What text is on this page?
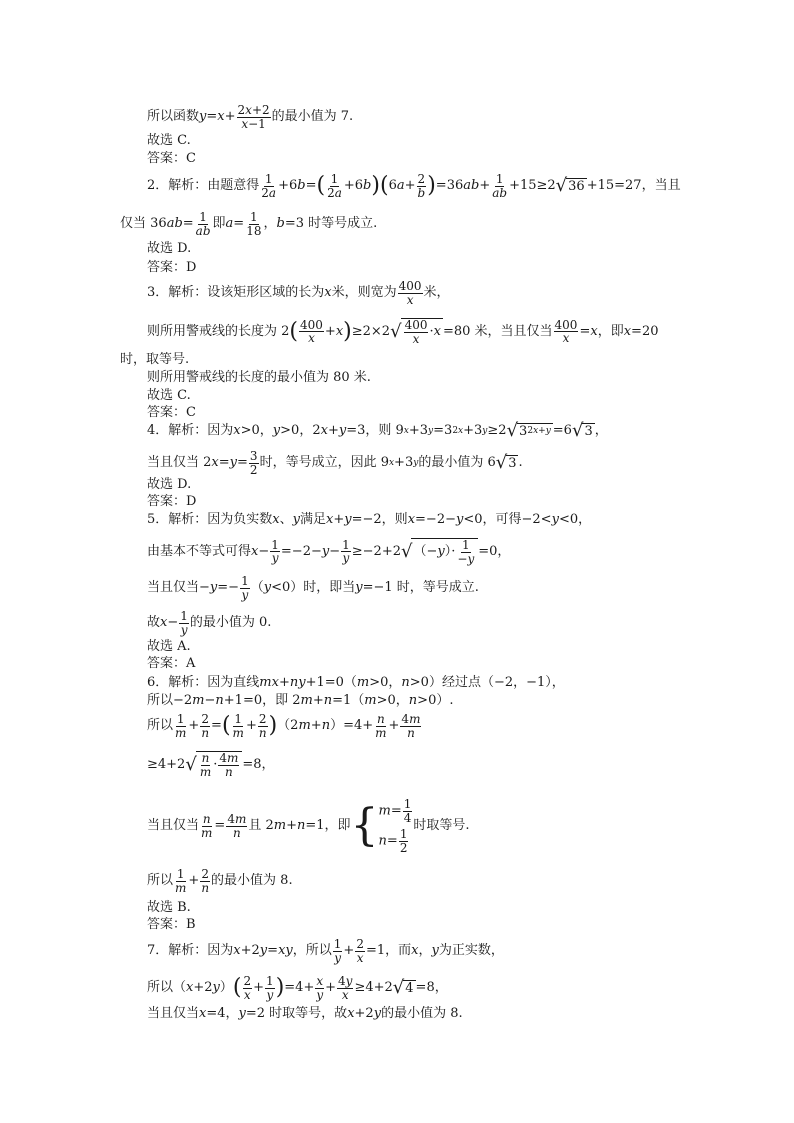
所以函数 $y = x + \frac{2x+2}{x-1}$ 的最小值为 7.
故选 C.
答案：C
2．解析：由题意得 $\frac{1}{2a} +6$ b = ( $\frac{1}{2a} +6$ b ) ( 6 $a + \frac{2}{b}$ ) =36 ab + $\frac{1}{ab} +15\ge 2$ √ 36 +15=27，当且
仅当 36 ab = $\frac{1}{ab}$ 即 $a = \frac{1}{18}$ ， b =3 时等号成立.
故选 D.
答案：D
3．解析：设该矩形区域的长为 x 米，则宽为 $\frac{400}{x}$ 米，
则所用警戒线的长度为 2 ( $\frac{400}{x} + x$ ) ≥2×2 √ $\frac{400}{x} \cdot x =80$ 米，当且仅当 $\frac{400}{x} = x$ ，即 x =20
时，取等号.
则所用警戒线的长度的最小值为 80 米.
故选 C.
答案：C
4．解析：因为 x >0， y >0 ，2 x + y =3，则 9 x +3 y =3 2x +3 y ≥2 √ 3 2x+y =6 √ 3 ，
当且仅当 2 $x = y = \frac{3}{2}$ 时，等号成立，因此 9 x +3 y 的最小值为 6 √ 3 .
故选 D.
答案：D
5．解析：因为负实数 x 、 y 满足 x + y =−2，则 x =−2− y <0，可得−2< y <0，
由基本不等式可得 $x - \frac{1}{y} =-2- y - \frac{1}{y} \ge-2+2$ √ （− y ）· $\frac{1}{-y} =0$，
当且仅当− $y =- \frac{1}{y}$ （ y <0）时，即当 y =−1 时，等号成立.
故 $x - \frac{1}{y}$ 的最小值为 0.
故选 A.
答案：A
6．解析：因为直线 mx + ny +1=0（ m >0， n >0）经过点（−2，−1），
所以−2 m − n +1=0，即 2 m + n =1（ m >0， n >0）.
所以 $\frac{1}{m} + \frac{2}{n}$ = ( $\frac{1}{m} + \frac{2}{n}$ ) （2 m + n ）$=4+ \frac{n}{m} + \frac{4m}{n}$
≥4+2 √ $\frac{n}{m} \cdot \frac{4m}{n} =8$，
当且仅当 $\frac{n}{m} = \frac{4m}{n}$ 且 2 m + n =1，即 { $m= \frac{1}{4}$
$n= \frac{1}{2}$
时取等号.
所以 $\frac{1}{m} + \frac{2}{n}$ 的最小值为 8.
故选 B.
答案：B
7．解析：因为 x +2 y = xy ，所以 $\frac{1}{y} + \frac{2}{x} =1$，而 x ， y 为正实数，
所以（ x +2 y ） ( $\frac{2}{x} + \frac{1}{y}$ ) $=4+ \frac{x}{y} + \frac{4y}{x} \ge 4+2$ √ 4 =8，
当且仅当 x =4， y =2 时取等号，故 x +2 y 的最小值为 8.
